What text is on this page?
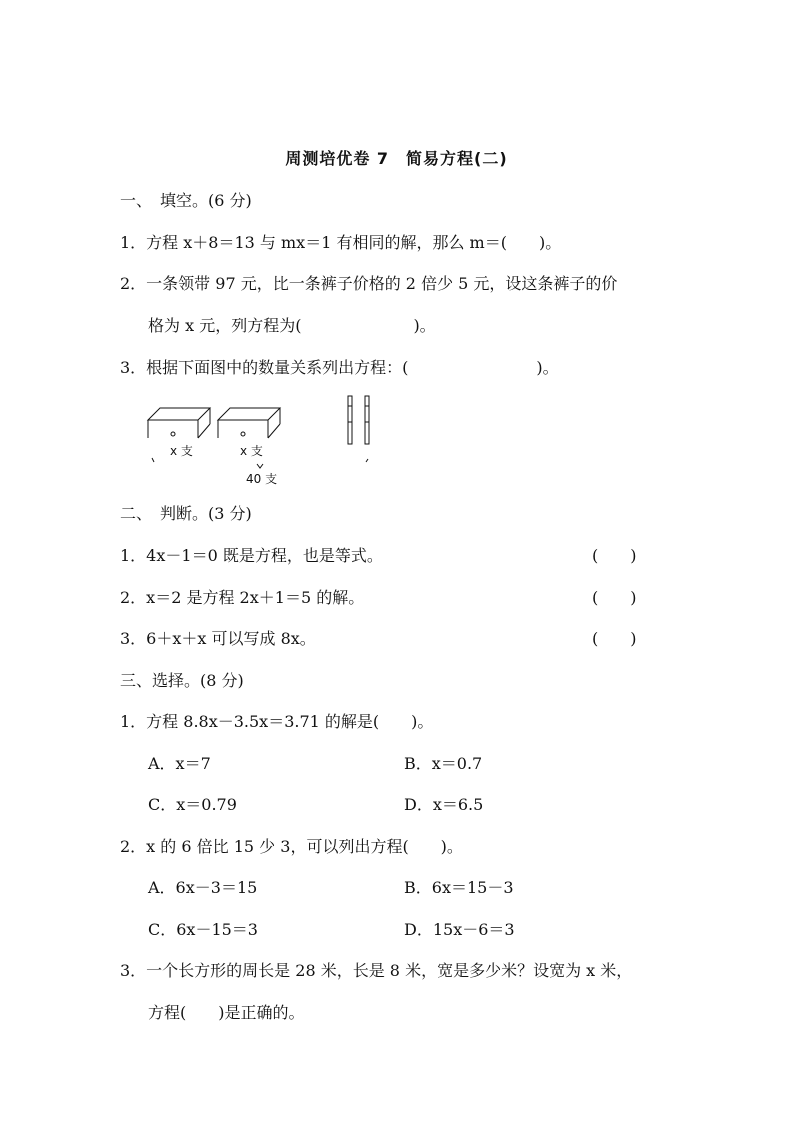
周测培优卷 7　简易方程(二)
一、　填空。(6 分)
1．方程 x＋8＝13 与 mx＝1 有相同的解，那么 m＝(　　)。
2．一条领带 97 元，比一条裤子价格的 2 倍少 5 元，设这条裤子的价
格为 x 元，列方程为(　　　　　　　)。
3．根据下面图中的数量关系列出方程：(　　　　　　　　)。
x 支	x 支
40 支
二、　判断。(3 分)
1．4x－1＝0 既是方程，也是等式。	(　　)
2．x＝2 是方程 2x＋1＝5 的解。	(　　)
3．6＋x＋x 可以写成 8x。	(　　)
三、选择。(8 分)
1．方程 8.8x－3.5x＝3.71 的解是(　　)。
A．x＝7	B．x＝0.7
C．x＝0.79	D．x＝6.5
2．x 的 6 倍比 15 少 3，可以列出方程(　　)。
A．6x－3＝15	B．6x＝15－3
C．6x－15＝3	D．15x－6＝3
3．一个长方形的周长是 28 米，长是 8 米，宽是多少米？设宽为 x 米，
方程(　　)是正确的。
